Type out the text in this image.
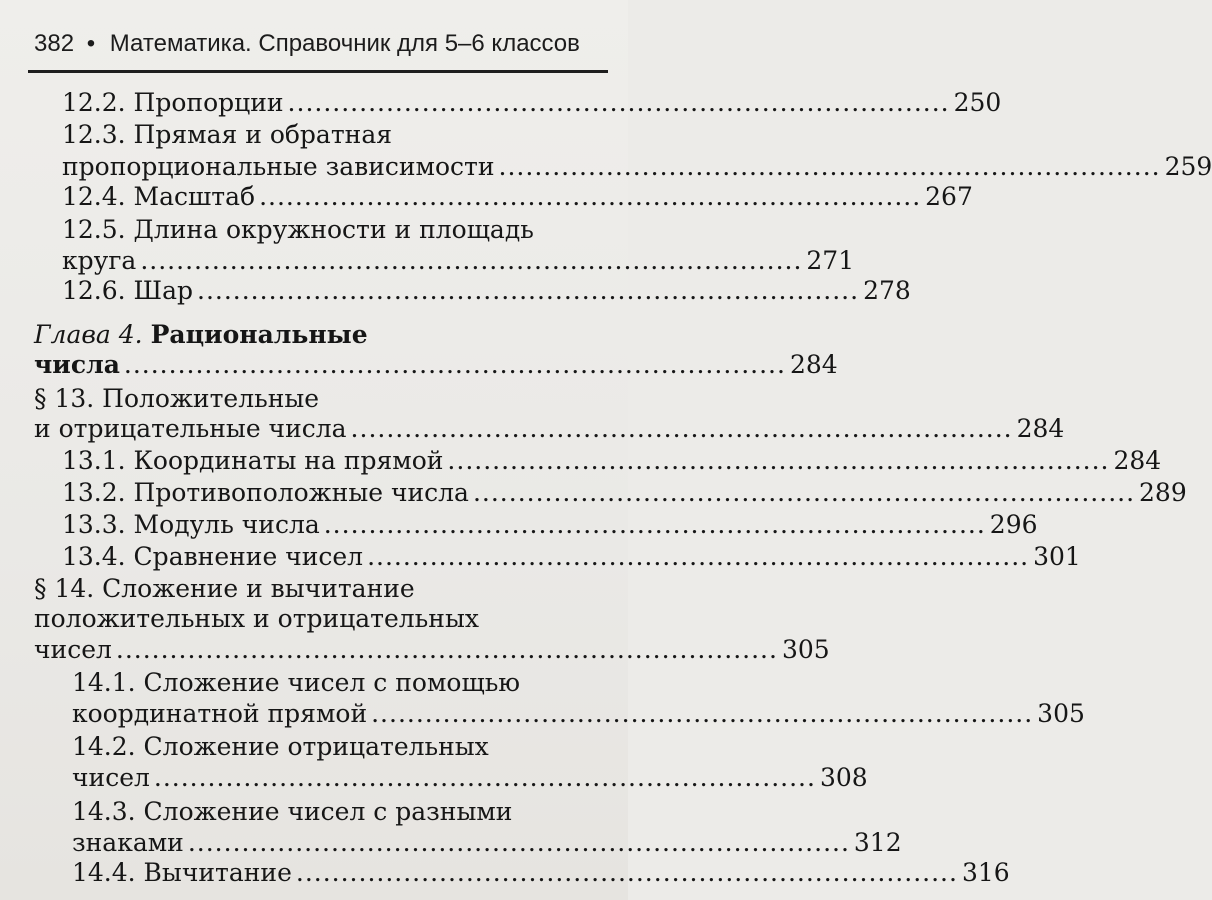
382 • Математика. Справочник для 5–6 классов
12.2. Пропорции .......................................................................... 250
12.3. Прямая и обратная
пропорциональные зависимости .......................................................................... 259
12.4. Масштаб .......................................................................... 267
12.5. Длина окружности и площадь
круга .......................................................................... 271
12.6. Шар .......................................................................... 278
Глава 4. Рациональные
числа .......................................................................... 284
§ 13. Положительные
и отрицательные числа .......................................................................... 284
13.1. Координаты на прямой .......................................................................... 284
13.2. Противоположные числа .......................................................................... 289
13.3. Модуль числа .......................................................................... 296
13.4. Сравнение чисел .......................................................................... 301
§ 14. Сложение и вычитание
положительных и отрицательных
чисел .......................................................................... 305
14.1. Сложение чисел с помощью
координатной прямой .......................................................................... 305
14.2. Сложение отрицательных
чисел .......................................................................... 308
14.3. Сложение чисел с разными
знаками .......................................................................... 312
14.4. Вычитание .......................................................................... 316
